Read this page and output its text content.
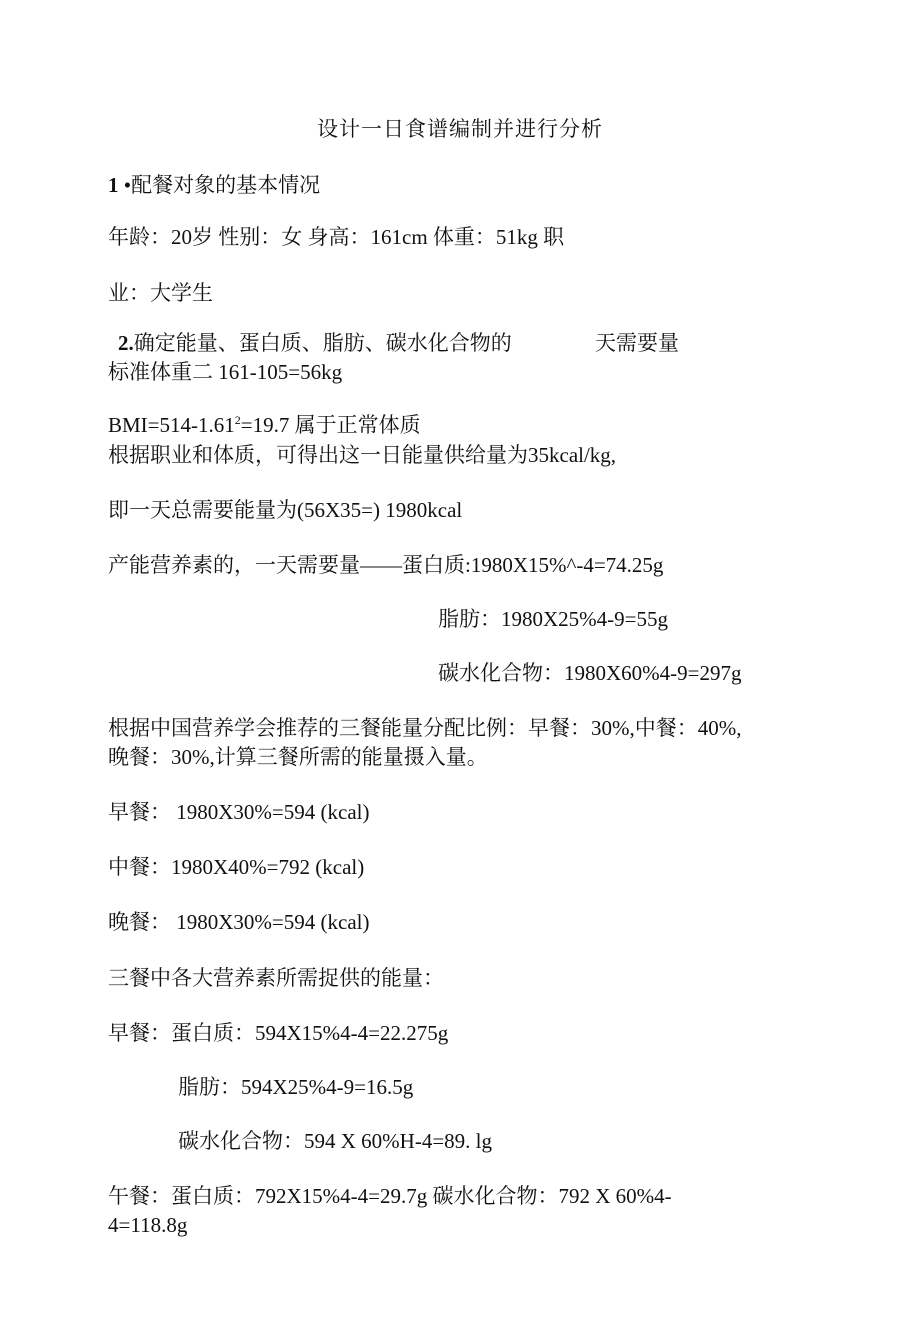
设计一日食谱编制并进行分析
1 •配餐对象的基本情况
年龄：20岁 性别：女 身高：161cm 体重：51kg 职
业：大学生
2.确定能量、蛋白质、脂肪、碳水化合物的	天需要量
标准体重二 161-105=56kg
$BMI=514-1.61^2=19.7$ 属于正常体质
根据职业和体质，可得出这一日能量供给量为35kcal/kg,
即一天总需要能量为(56X35=) 1980kcal
产能营养素的，一天需要量——蛋白质:1980X15%^-4=74.25g
脂肪：1980X25%4-9=55g
碳水化合物：1980X60%4-9=297g
根据中国营养学会推荐的三餐能量分配比例：早餐：30%,中餐：40%,
晚餐：30%,计算三餐所需的能量摄入量。
早餐： 1980X30%=594 (kcal)
中餐：1980X40%=792 (kcal)
晚餐： 1980X30%=594 (kcal)
三餐中各大营养素所需捉供的能量：
早餐：蛋白质：594X15%4-4=22.275g
脂肪：594X25%4-9=16.5g
碳水化合物：594 X 60%H-4=89. lg
午餐：蛋白质：792X15%4-4=29.7g 碳水化合物：792 X 60%4-
4=118.8g
